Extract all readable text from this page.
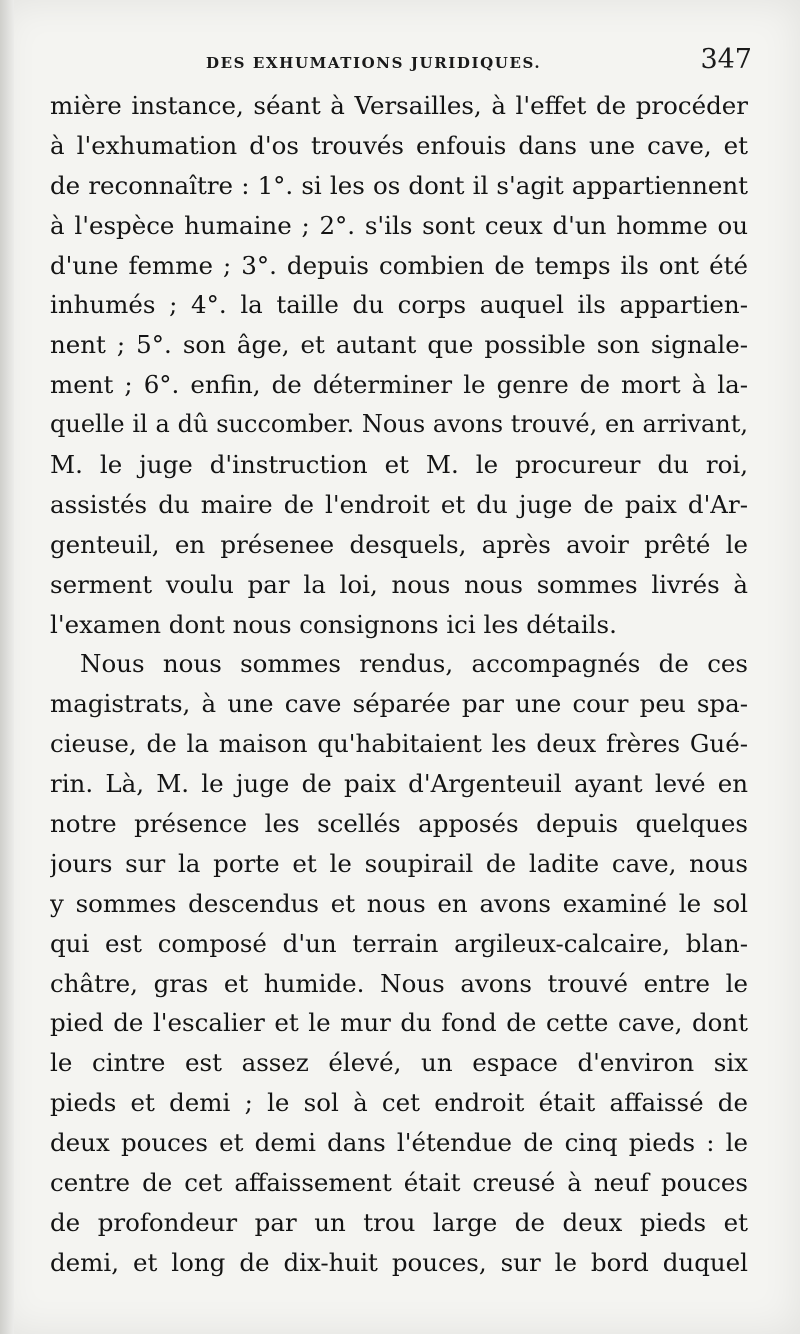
DES EXHUMATIONS JURIDIQUES.	347
mière instance, séant à Versailles, à l'effet de procéder
à l'exhumation d'os trouvés enfouis dans une cave, et
de reconnaître : 1°. si les os dont il s'agit appartiennent
à l'espèce humaine ; 2°. s'ils sont ceux d'un homme ou
d'une femme ; 3°. depuis combien de temps ils ont été
inhumés ; 4°. la taille du corps auquel ils appartien-
nent ; 5°. son âge, et autant que possible son signale-
ment ; 6°. enfin, de déterminer le genre de mort à la-
quelle il a dû succomber. Nous avons trouvé, en arrivant,
M. le juge d'instruction et M. le procureur du roi,
assistés du maire de l'endroit et du juge de paix d'Ar-
genteuil, en présenee desquels, après avoir prêté le
serment voulu par la loi, nous nous sommes livrés à
l'examen dont nous consignons ici les détails.
Nous nous sommes rendus, accompagnés de ces
magistrats, à une cave séparée par une cour peu spa-
cieuse, de la maison qu'habitaient les deux frères Gué-
rin. Là, M. le juge de paix d'Argenteuil ayant levé en
notre présence les scellés apposés depuis quelques
jours sur la porte et le soupirail de ladite cave, nous
y sommes descendus et nous en avons examiné le sol
qui est composé d'un terrain argileux-calcaire, blan-
châtre, gras et humide. Nous avons trouvé entre le
pied de l'escalier et le mur du fond de cette cave, dont
le cintre est assez élevé, un espace d'environ six
pieds et demi ; le sol à cet endroit était affaissé de
deux pouces et demi dans l'étendue de cinq pieds : le
centre de cet affaissement était creusé à neuf pouces
de profondeur par un trou large de deux pieds et
demi, et long de dix-huit pouces, sur le bord duquel
